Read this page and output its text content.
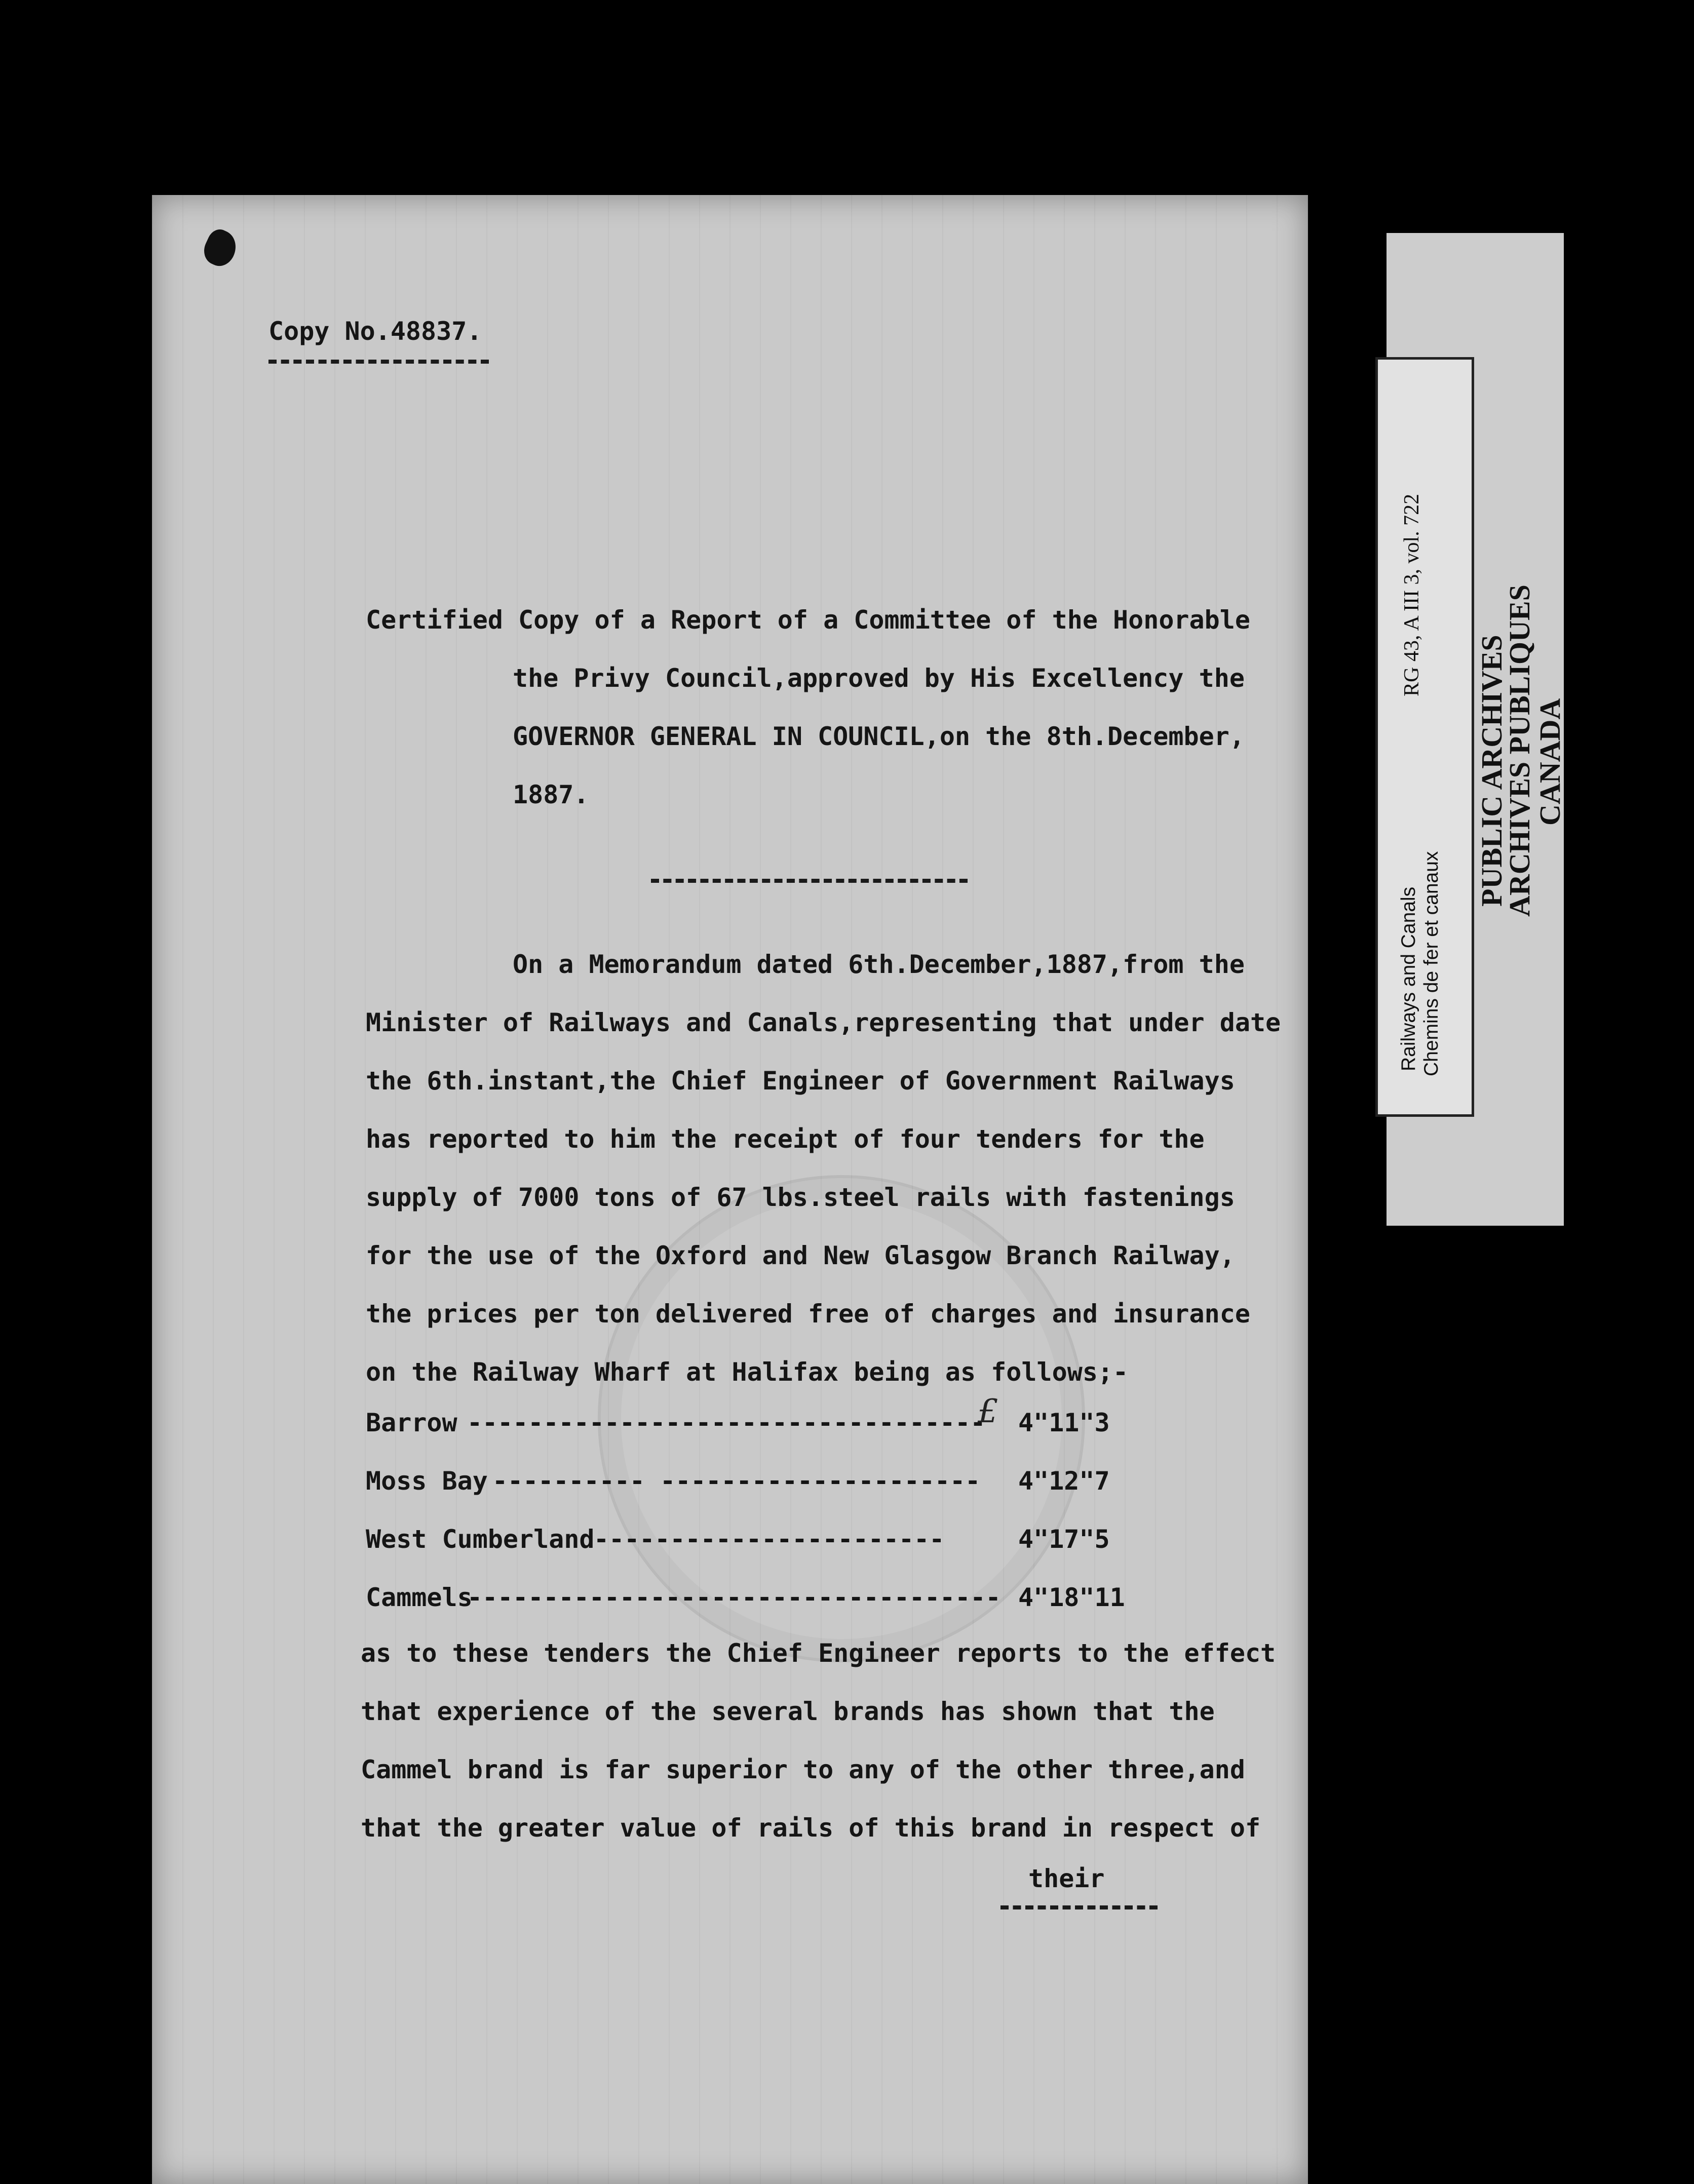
Copy No.48837.
Certified Copy of a Report of a Committee of the Honorable
the Privy Council,approved by His Excellency the
GOVERNOR GENERAL IN COUNCIL,on the 8th.December,
1887.
On a Memorandum dated 6th.December,1887,from the
Minister of Railways and Canals,representing that under date
the 6th.instant,the Chief Engineer of Government Railways
has reported to him the receipt of four tenders for the
supply of 7000 tons of 67 lbs.steel rails with fastenings
for the use of the Oxford and New Glasgow Branch Railway,
the prices per ton delivered free of charges and insurance
on the Railway Wharf at Halifax being as follows;-
£
Barrow ---------------------------------- 4"11"3
Moss Bay ---------- --------------------- 4"12"7
West Cumberland
-----------------------	4"17"5
Cammels
----------------------------------- 4"18"11
as to these tenders the Chief Engineer reports to the effect
that experience of the several brands has shown that the
Cammel brand is far superior to any of the other three,and
that the greater value of rails of this brand in respect of
their
Railways and Canals Chemins de fer et canaux
RG 43, A III 3, vol. 722
PUBLIC ARCHIVES
ARCHIVES PUBLIQUES
CANADA
